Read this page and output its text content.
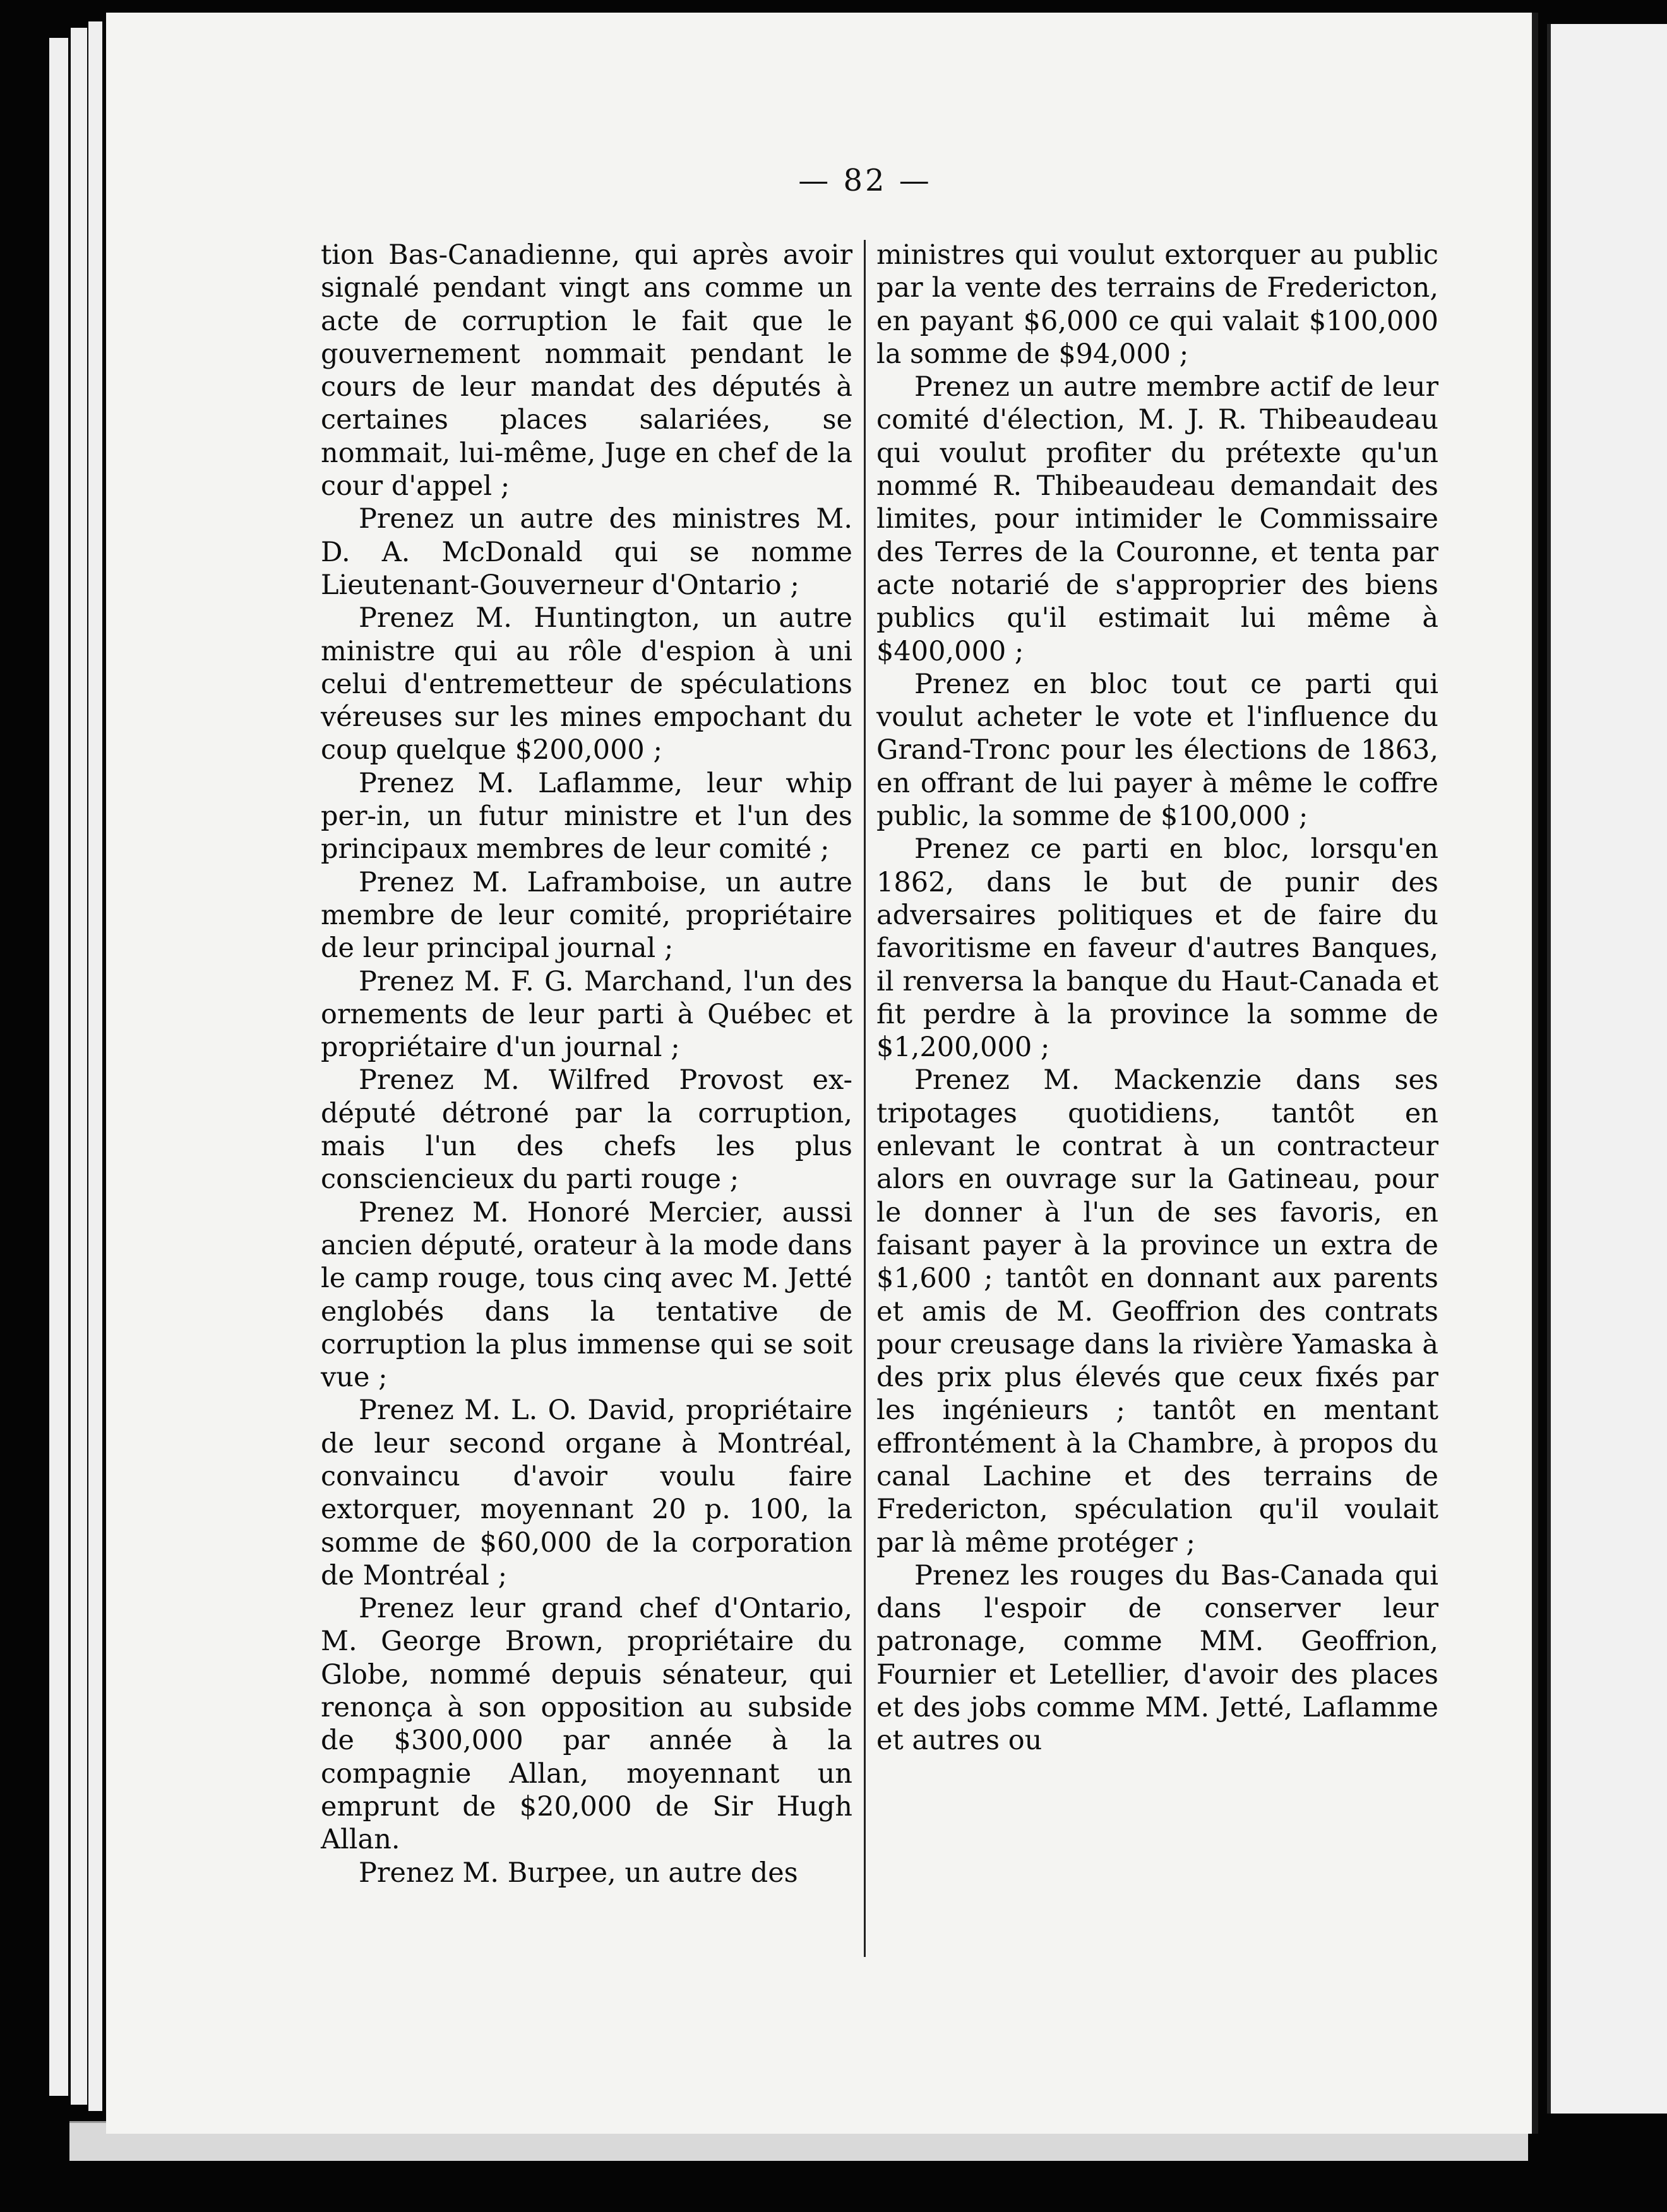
— 82 —

tion Bas-Canadienne, qui après avoir signalé pendant vingt ans comme un acte de corruption le fait que le gouvernement nommait pendant le cours de leur mandat des députés à certaines places salariées, se nommait, lui-même, Juge en chef de la cour d'appel ;

Prenez un autre des ministres M. D. A. McDonald qui se nomme Lieutenant-Gouverneur d'Ontario ;

Prenez M. Huntington, un autre ministre qui au rôle d'espion à uni celui d'entremetteur de spéculations véreuses sur les mines empochant du coup quelque $200,000 ;

Prenez M. Laflamme, leur whip per-in, un futur ministre et l'un des principaux membres de leur comité ;

Prenez M. Laframboise, un autre membre de leur comité, propriétaire de leur principal journal ;

Prenez M. F. G. Marchand, l'un des ornements de leur parti à Québec et propriétaire d'un journal ;

Prenez M. Wilfred Provost ex-député détroné par la corruption, mais l'un des chefs les plus consciencieux du parti rouge ;

Prenez M. Honoré Mercier, aussi ancien député, orateur à la mode dans le camp rouge, tous cinq avec M. Jetté englobés dans la tentative de corruption la plus immense qui se soit vue ;

Prenez M. L. O. David, propriétaire de leur second organe à Montréal, convaincu d'avoir voulu faire extorquer, moyennant 20 p. 100, la somme de $60,000 de la corporation de Montréal ;

Prenez leur grand chef d'Ontario, M. George Brown, propriétaire du Globe, nommé depuis sénateur, qui renonça à son opposition au subside de $300,000 par année à la compagnie Allan, moyennant un emprunt de $20,000 de Sir Hugh Allan.

Prenez M. Burpee, un autre des

ministres qui voulut extorquer au public par la vente des terrains de Fredericton, en payant $6,000 ce qui valait $100,000 la somme de $94,000 ;

Prenez un autre membre actif de leur comité d'élection, M. J. R. Thibeaudeau qui voulut profiter du prétexte qu'un nommé R. Thibeaudeau demandait des limites, pour intimider le Commissaire des Terres de la Couronne, et tenta par acte notarié de s'approprier des biens publics qu'il estimait lui même à $400,000 ;

Prenez en bloc tout ce parti qui voulut acheter le vote et l'influence du Grand-Tronc pour les élections de 1863, en offrant de lui payer à même le coffre public, la somme de $100,000 ;

Prenez ce parti en bloc, lorsqu'en 1862, dans le but de punir des adversaires politiques et de faire du favoritisme en faveur d'autres Banques, il renversa la banque du Haut-Canada et fit perdre à la province la somme de $1,200,000 ;

Prenez M. Mackenzie dans ses tripotages quotidiens, tantôt en enlevant le contrat à un contracteur alors en ouvrage sur la Gatineau, pour le donner à l'un de ses favoris, en faisant payer à la province un extra de $1,600 ; tantôt en donnant aux parents et amis de M. Geoffrion des contrats pour creusage dans la rivière Yamaska à des prix plus élevés que ceux fixés par les ingénieurs ; tantôt en mentant effrontément à la Chambre, à propos du canal Lachine et des terrains de Fredericton, spéculation qu'il voulait par là même protéger ;

Prenez les rouges du Bas-Canada qui dans l'espoir de conserver leur patronage, comme MM. Geoffrion, Fournier et Letellier, d'avoir des places et des jobs comme MM. Jetté, Laflamme et autres ou
